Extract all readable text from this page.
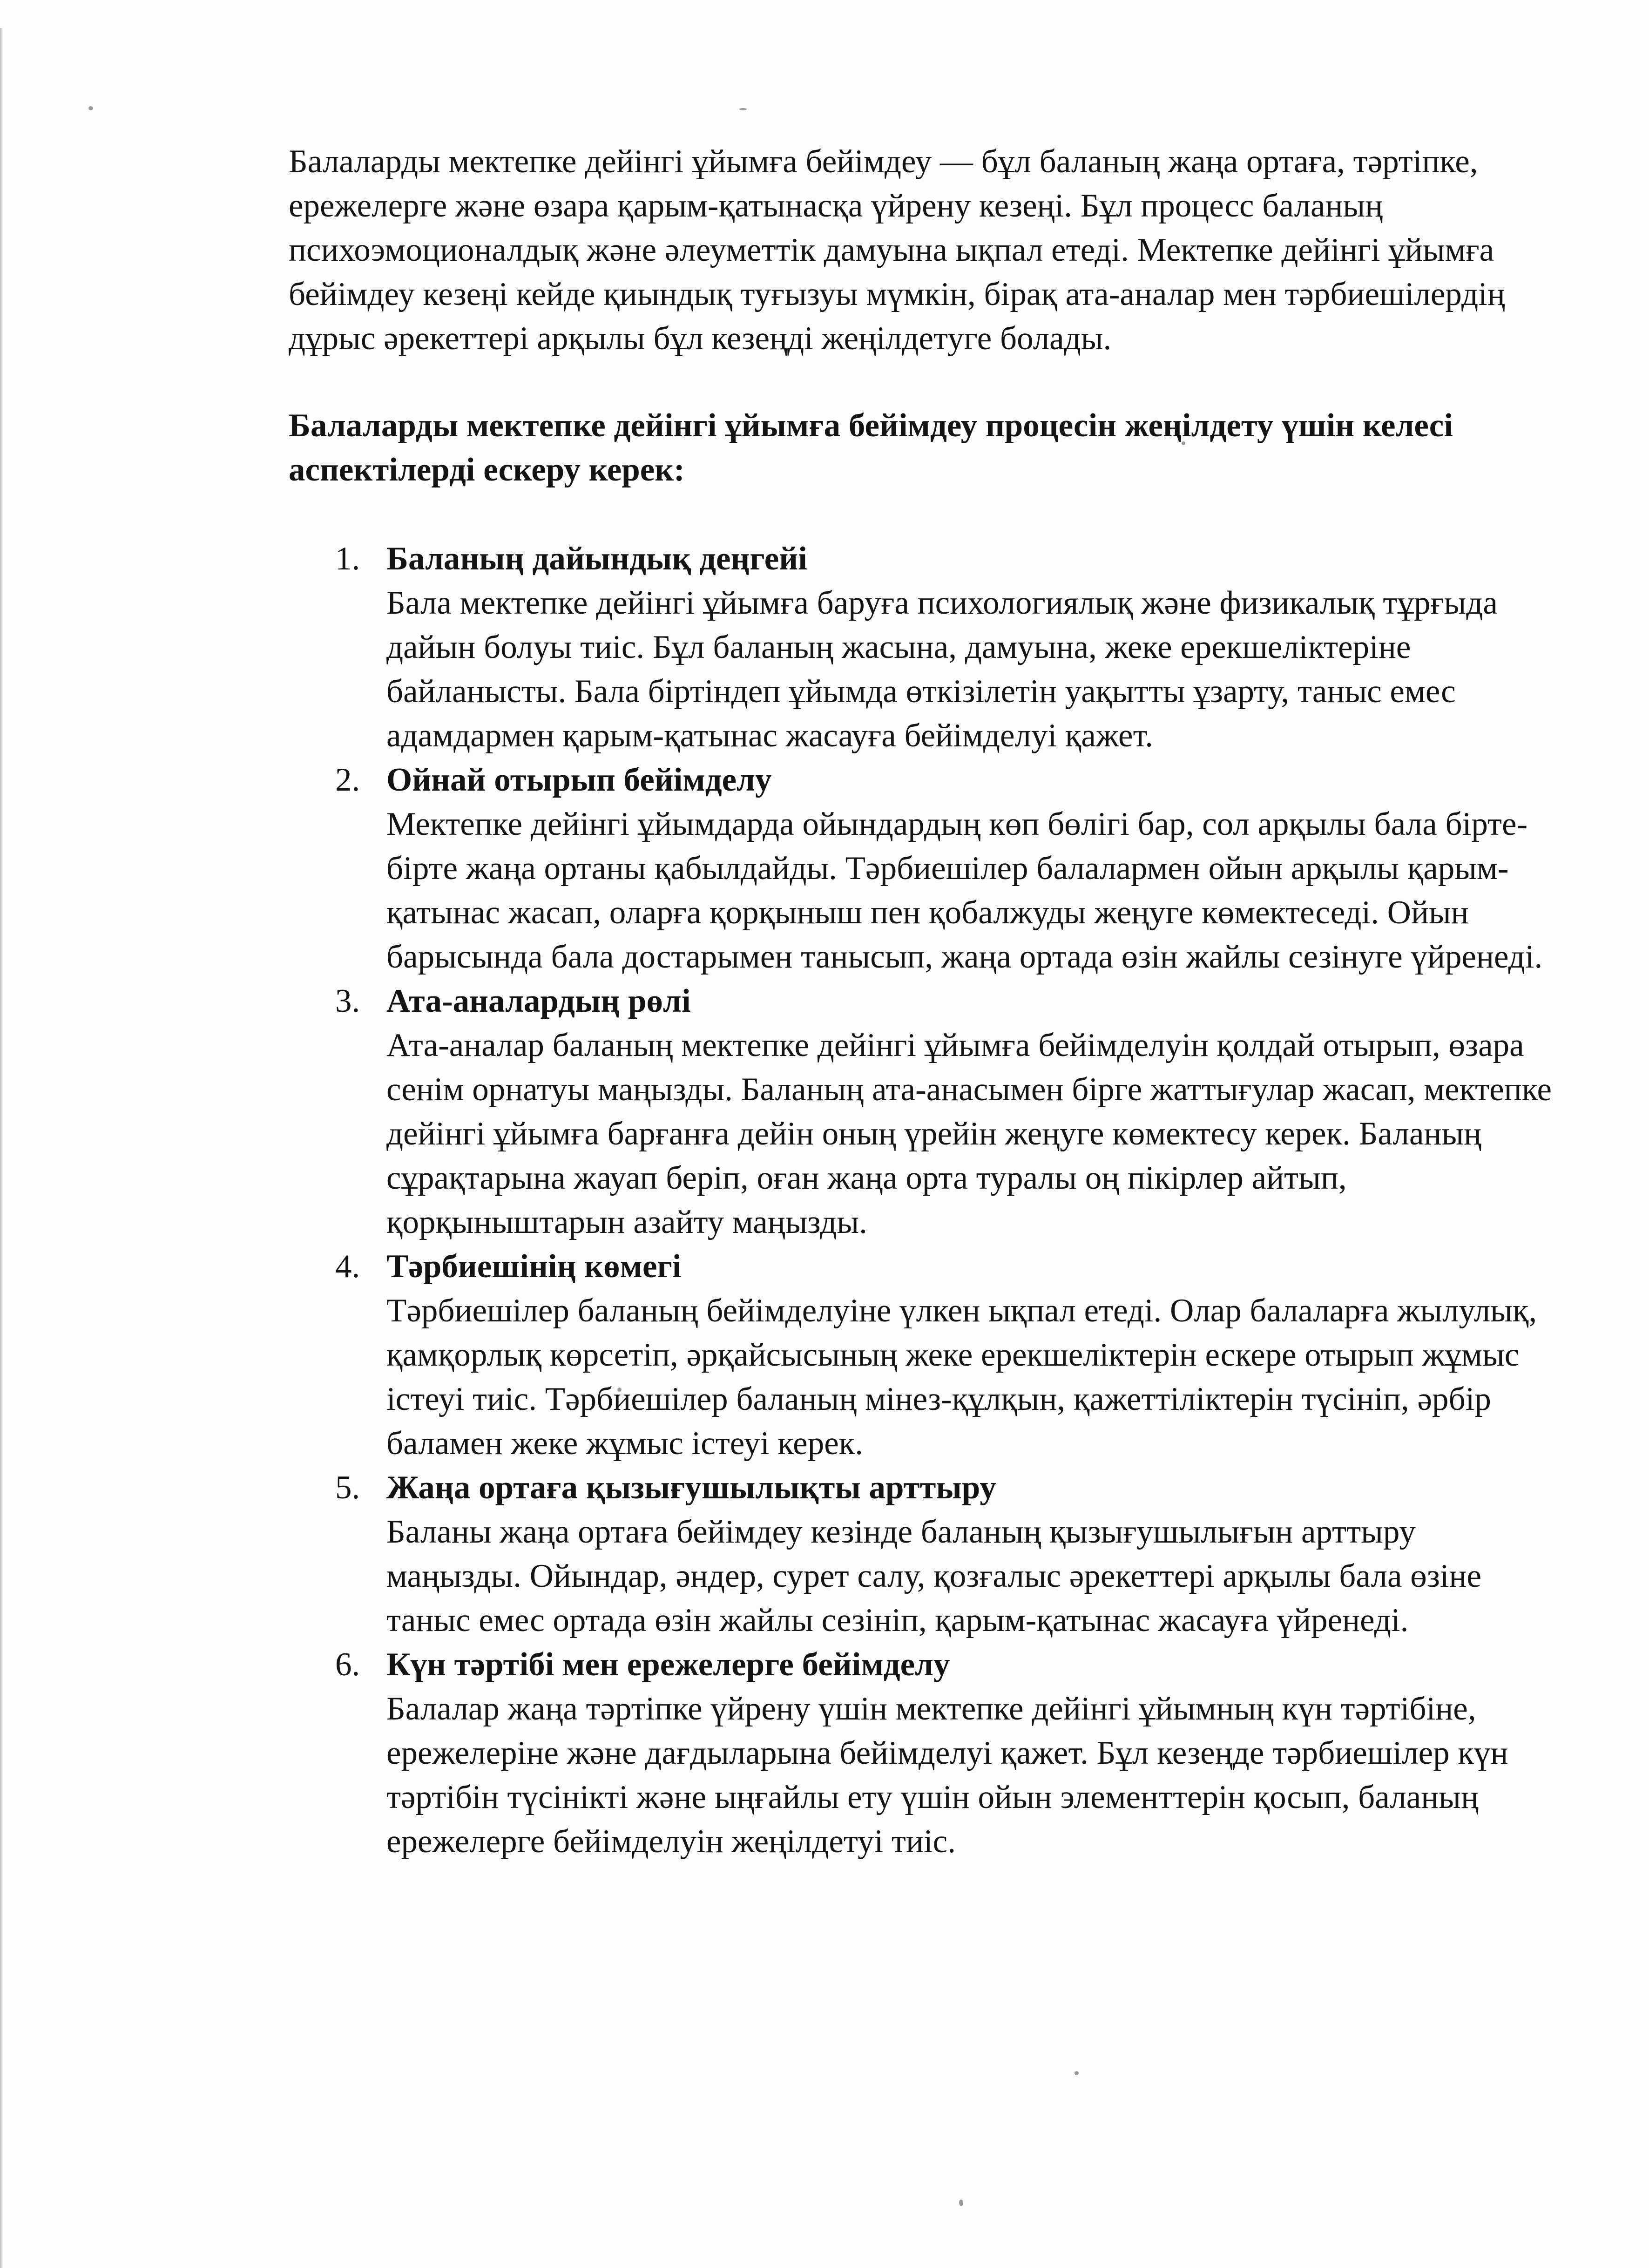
Балаларды мектепке дейінгі ұйымға бейімдеу — бұл баланың жаңа ортаға, тәртіпке, ережелерге және өзара қарым-қатынасқа үйрену кезеңі. Бұл процесс баланың психоэмоционалдық және әлеуметтік дамуына ықпал етеді. Мектепке дейінгі ұйымға бейімдеу кезеңі кейде қиындық туғызуы мүмкін, бірақ ата-аналар мен тәрбиешілердің дұрыс әрекеттері арқылы бұл кезеңді жеңілдетуге болады.

Балаларды мектепке дейінгі ұйымға бейімдеу процесін жеңілдету үшін келесі аспектілерді ескеру керек:

1. Баланың дайындық деңгейі
Бала мектепке дейінгі ұйымға баруға психологиялық және физикалық тұрғыда дайын болуы тиіс. Бұл баланың жасына, дамуына, жеке ерекшеліктеріне байланысты. Бала біртіндеп ұйымда өткізілетін уақытты ұзарту, таныс емес адамдармен қарым-қатынас жасауға бейімделуі қажет.
2. Ойнай отырып бейімделу
Мектепке дейінгі ұйымдарда ойындардың көп бөлігі бар, сол арқылы бала бірте-бірте жаңа ортаны қабылдайды. Тәрбиешілер балалармен ойын арқылы қарым-қатынас жасап, оларға қорқыныш пен қобалжуды жеңуге көмектеседі. Ойын барысында бала достарымен танысып, жаңа ортада өзін жайлы сезінуге үйренеді.
3. Ата-аналардың рөлі
Ата-аналар баланың мектепке дейінгі ұйымға бейімделуін қолдай отырып, өзара сенім орнатуы маңызды. Баланың ата-анасымен бірге жаттығулар жасап, мектепке дейінгі ұйымға барғанға дейін оның үрейін жеңуге көмектесу керек. Баланың сұрақтарына жауап беріп, оған жаңа орта туралы оң пікірлер айтып, қорқыныштарын азайту маңызды.
4. Тәрбиешінің көмегі
Тәрбиешілер баланың бейімделуіне үлкен ықпал етеді. Олар балаларға жылулық, қамқорлық көрсетіп, әрқайсысының жеке ерекшеліктерін ескере отырып жұмыс істеуі тиіс. Тәрбиешілер баланың мінез-құлқын, қажеттіліктерін түсініп, әрбір баламен жеке жұмыс істеуі керек.
5. Жаңа ортаға қызығушылықты арттыру
Баланы жаңа ортаға бейімдеу кезінде баланың қызығушылығын арттыру маңызды. Ойындар, әндер, сурет салу, қозғалыс әрекеттері арқылы бала өзіне таныс емес ортада өзін жайлы сезініп, қарым-қатынас жасауға үйренеді.
6. Күн тәртібі мен ережелерге бейімделу
Балалар жаңа тәртіпке үйрену үшін мектепке дейінгі ұйымның күн тәртібіне, ережелеріне және дағдыларына бейімделуі қажет. Бұл кезеңде тәрбиешілер күн тәртібін түсінікті және ыңғайлы ету үшін ойын элементтерін қосып, баланың ережелерге бейімделуін жеңілдетуі тиіс.
